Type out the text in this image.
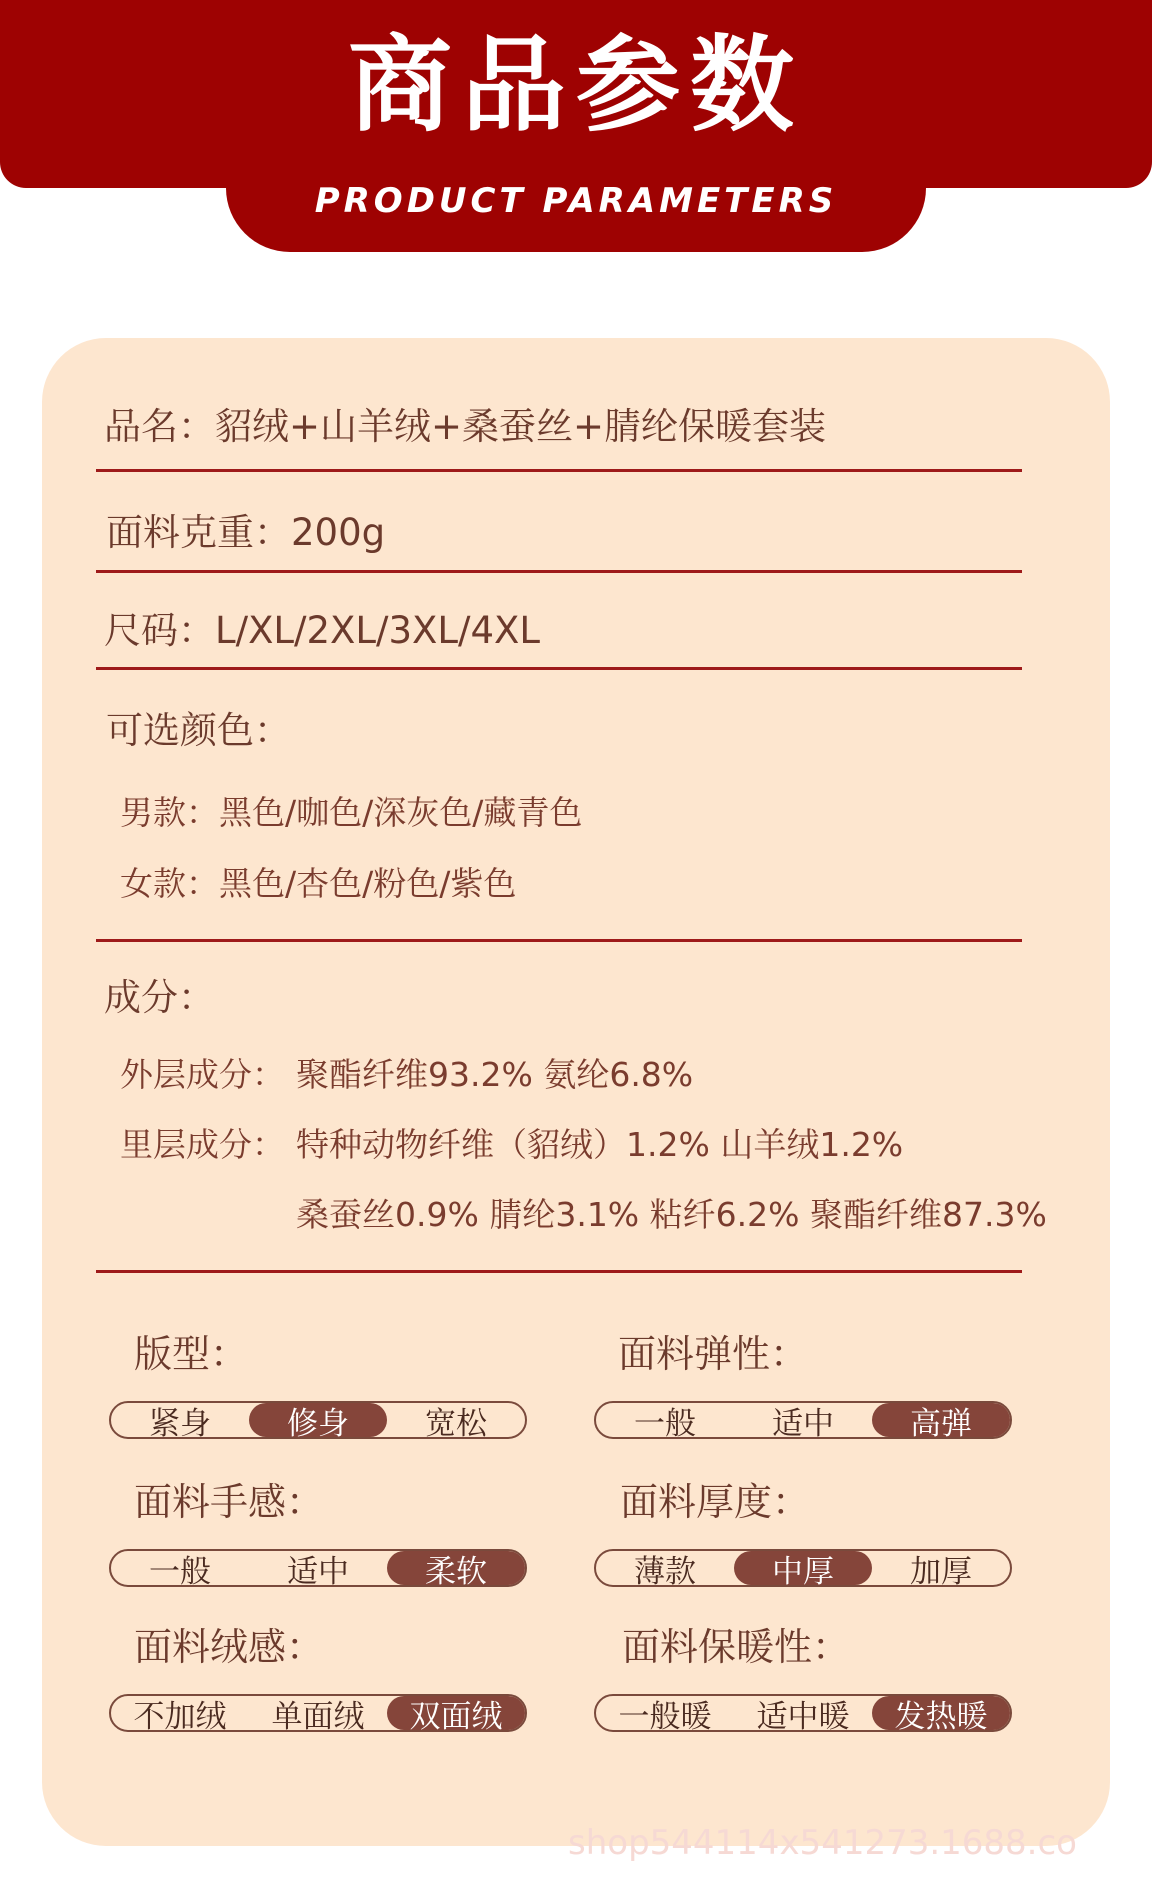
商品参数
PRODUCT PARAMETERS
品名：貂绒+山羊绒+桑蚕丝+腈纶保暖套装
面料克重：200g
尺码：L/XL/2XL/3XL/4XL
可选颜色：
男款：黑色/咖色/深灰色/藏青色
女款：黑色/杏色/粉色/紫色
成分：
外层成分： 聚酯纤维93.2% 氨纶6.8%
里层成分： 特种动物纤维（貂绒）1.2% 山羊绒1.2%
桑蚕丝0.9% 腈纶3.1% 粘纤6.2% 聚酯纤维87.3%
版型：
紧身	修身	宽松
面料弹性：
一般	适中	高弹
面料手感：
一般	适中	柔软
面料厚度：
薄款	中厚	加厚
面料绒感：
不加绒	单面绒	双面绒
面料保暖性：
一般暖	适中暖	发热暖
shop544114x541273.1688.co
